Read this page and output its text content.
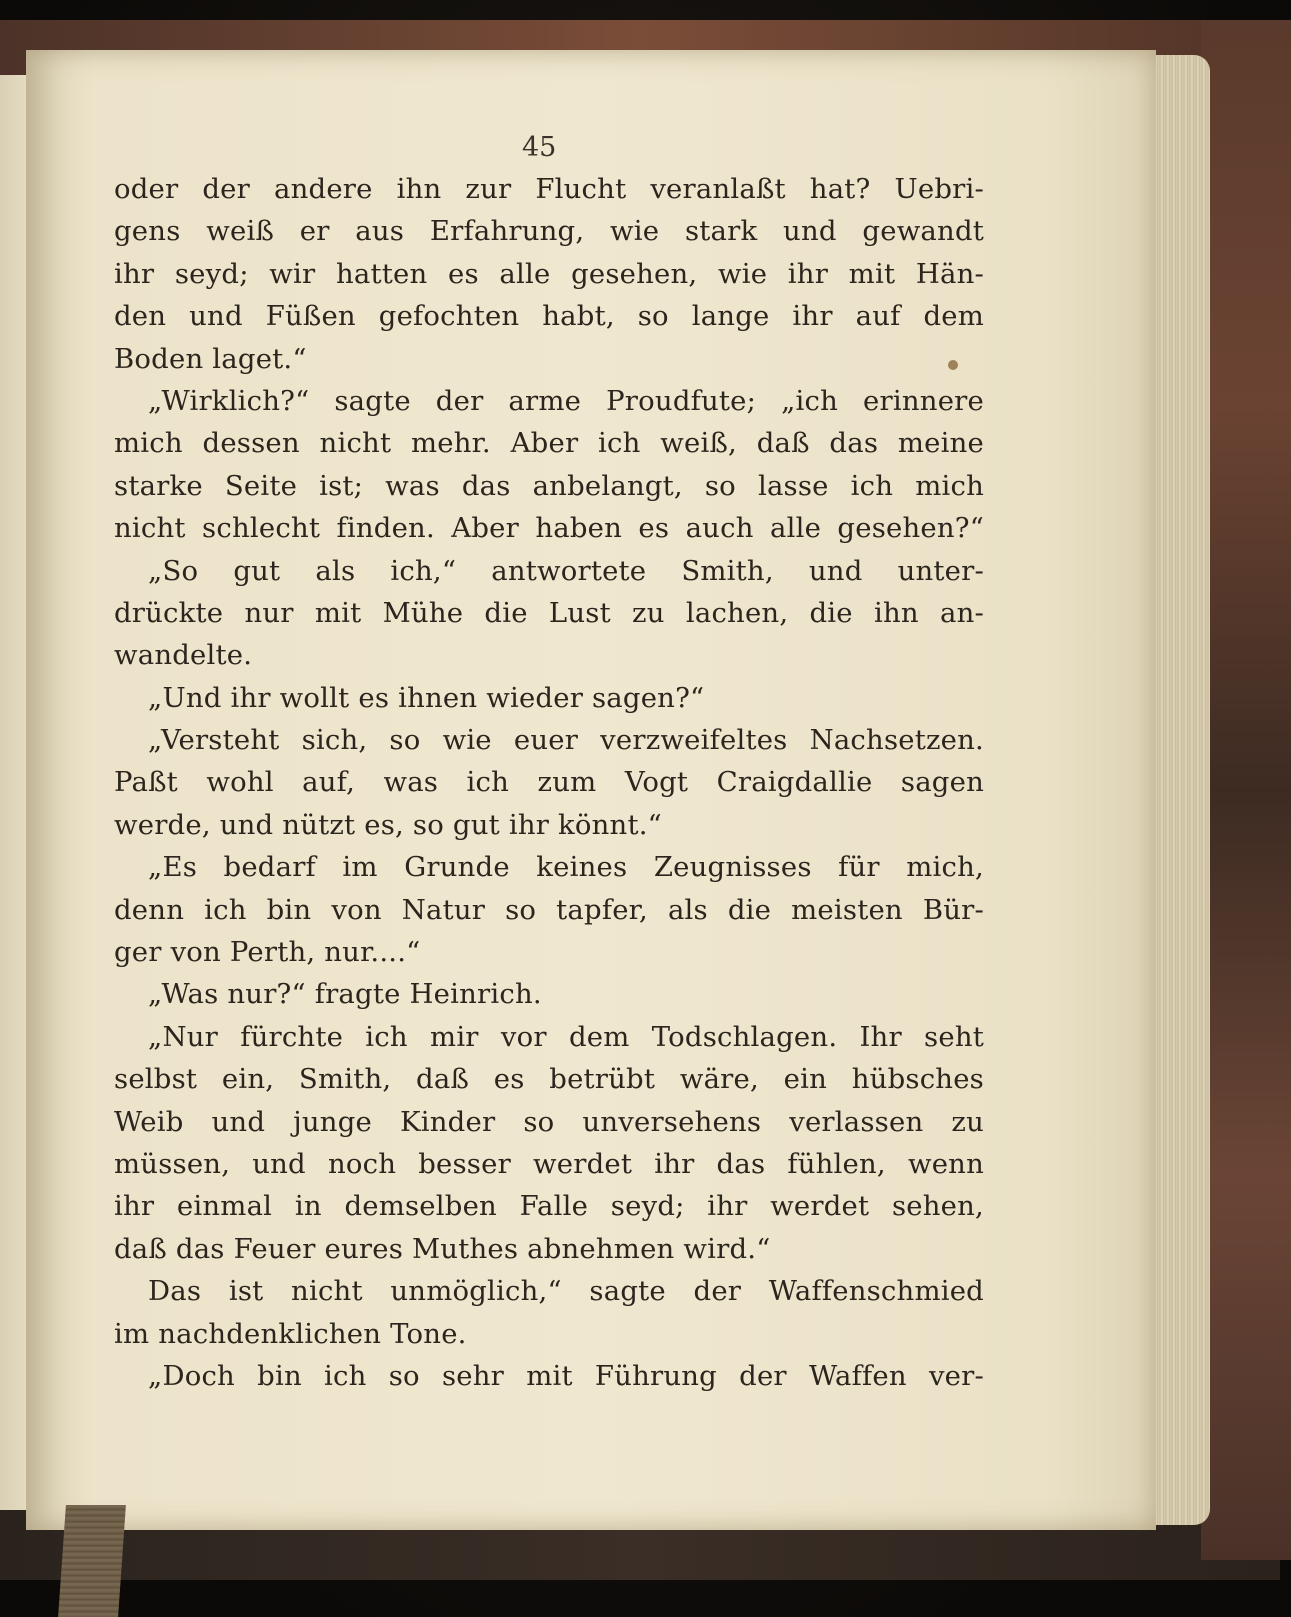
45
oder der andere ihn zur Flucht veranlaßt hat? Uebri-
gens weiß er aus Erfahrung, wie stark und gewandt
ihr seyd; wir hatten es alle gesehen, wie ihr mit Hän-
den und Füßen gefochten habt, so lange ihr auf dem
Boden laget.“
„Wirklich?“ sagte der arme Proudfute; „ich erinnere
mich dessen nicht mehr. Aber ich weiß, daß das meine
starke Seite ist; was das anbelangt, so lasse ich mich
nicht schlecht finden. Aber haben es auch alle gesehen?“
„So gut als ich,“ antwortete Smith, und unter-
drückte nur mit Mühe die Lust zu lachen, die ihn an-
wandelte.
„Und ihr wollt es ihnen wieder sagen?“
„Versteht sich, so wie euer verzweifeltes Nachsetzen.
Paßt wohl auf, was ich zum Vogt Craigdallie sagen
werde, und nützt es, so gut ihr könnt.“
„Es bedarf im Grunde keines Zeugnisses für mich,
denn ich bin von Natur so tapfer, als die meisten Bür-
ger von Perth, nur....“
„Was nur?“ fragte Heinrich.
„Nur fürchte ich mir vor dem Todschlagen. Ihr seht
selbst ein, Smith, daß es betrübt wäre, ein hübsches
Weib und junge Kinder so unversehens verlassen zu
müssen, und noch besser werdet ihr das fühlen, wenn
ihr einmal in demselben Falle seyd; ihr werdet sehen,
daß das Feuer eures Muthes abnehmen wird.“
Das ist nicht unmöglich,“ sagte der Waffenschmied
im nachdenklichen Tone.
„Doch bin ich so sehr mit Führung der Waffen ver-
